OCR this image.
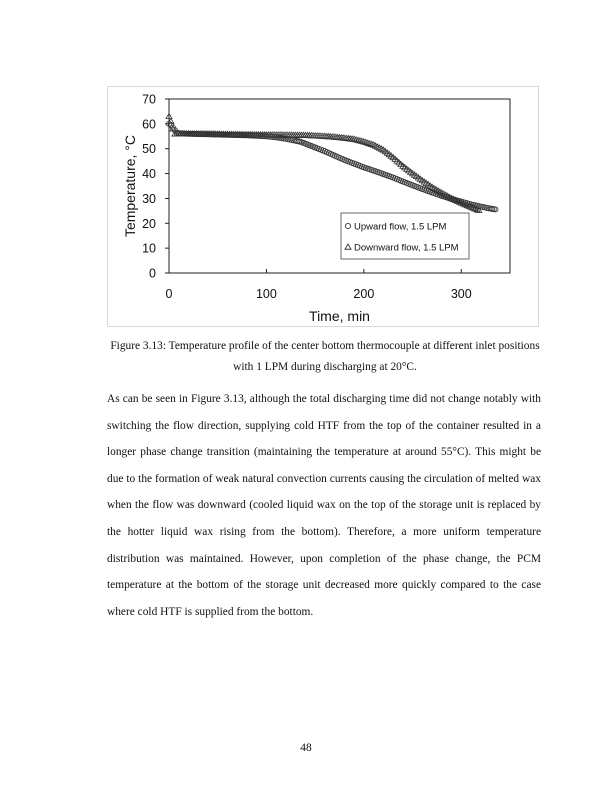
0
10
20
30
40
50
60
70
0	100	200	300
Time, min
Temperature, °C	Upward flow, 1.5 LPM
Downward flow, 1.5 LPM
Figure 3.13: Temperature profile of the center bottom thermocouple at different inlet positions with 1 LPM during discharging at 20°C.

As can be seen in Figure 3.13, although the total discharging time did not change notably with switching the flow direction, supplying cold HTF from the top of the container resulted in a longer phase change transition (maintaining the temperature at around 55°C). This might be due to the formation of weak natural convection currents causing the circulation of melted wax when the flow was downward (cooled liquid wax on the top of the storage unit is replaced by the hotter liquid wax rising from the bottom). Therefore, a more uniform temperature distribution was maintained. However, upon completion of the phase change, the PCM temperature at the bottom of the storage unit decreased more quickly compared to the case where cold HTF is supplied from the bottom.

48
